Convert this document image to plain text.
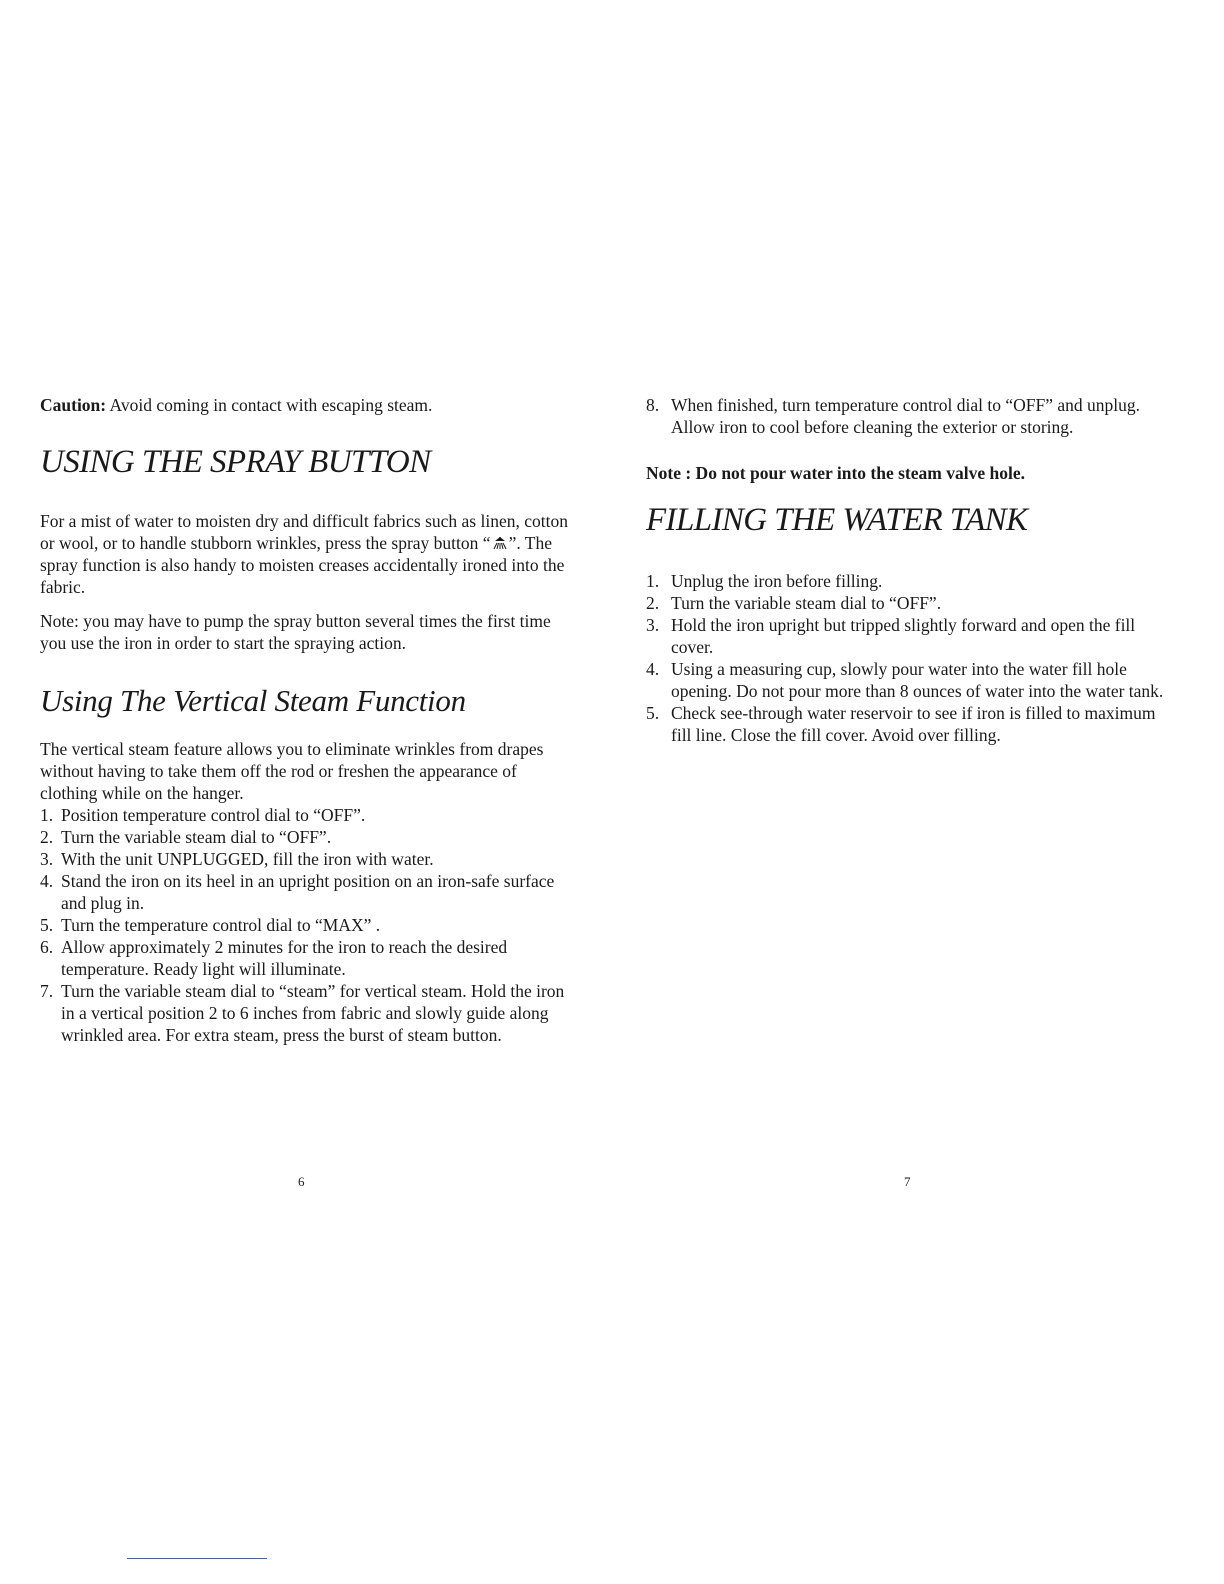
Caution: Avoid coming in contact with escaping steam.

USING THE SPRAY BUTTON

For a mist of water to moisten dry and difficult fabrics such as linen, cotton or wool, or to handle stubborn wrinkles, press the spray button “ ”. The spray function is also handy to moisten creases accidentally ironed into the fabric.

Note: you may have to pump the spray button several times the first time you use the iron in order to start the spraying action.

Using The Vertical Steam Function

The vertical steam feature allows you to eliminate wrinkles from drapes without having to take them off the rod or freshen the appearance of clothing while on the hanger.

1. Position temperature control dial to “OFF”.
2. Turn the variable steam dial to “OFF”.
3. With the unit UNPLUGGED, fill the iron with water.
4. Stand the iron on its heel in an upright position on an iron-safe surface and plug in.
5. Turn the temperature control dial to “MAX” .
6. Allow approximately 2 minutes for the iron to reach the desired temperature. Ready light will illuminate.
7. Turn the variable steam dial to “steam” for vertical steam. Hold the iron in a vertical position 2 to 6 inches from fabric and slowly guide along wrinkled area. For extra steam, press the burst of steam button.
6
8. When finished, turn temperature control dial to “OFF” and unplug. Allow iron to cool before cleaning the exterior or storing.

Note : Do not pour water into the steam valve hole.

FILLING THE WATER TANK
1. Unplug the iron before filling.
2. Turn the variable steam dial to “OFF”.
3. Hold the iron upright but tripped slightly forward and open the fill cover.
4. Using a measuring cup, slowly pour water into the water fill hole opening. Do not pour more than 8 ounces of water into the water tank.
5. Check see-through water reservoir to see if iron is filled to maximum fill line. Close the fill cover. Avoid over filling.
7
